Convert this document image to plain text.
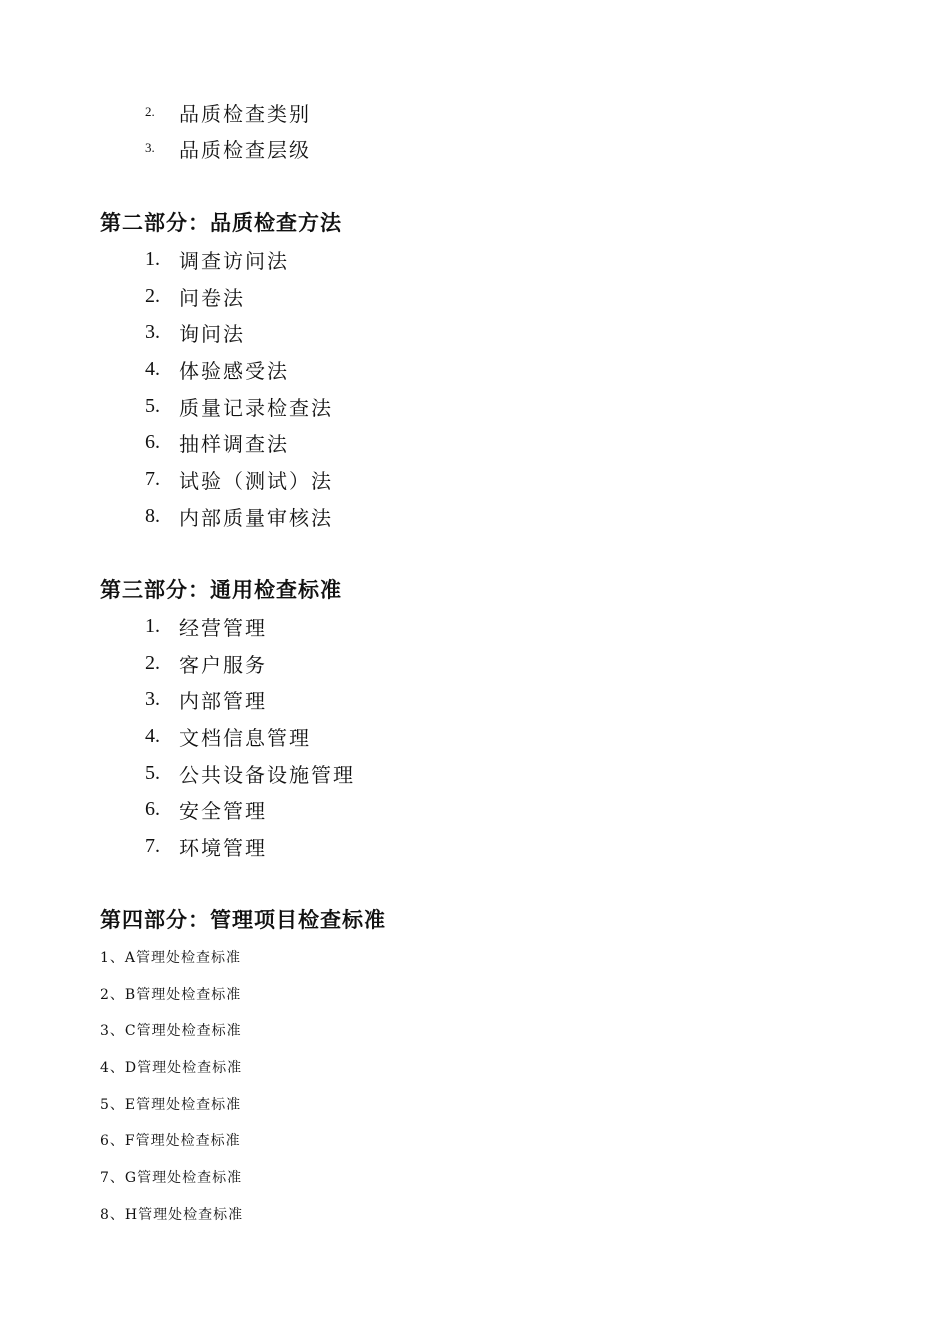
2.	品质检查类别
3.	品质检查层级
第二部分：品质检查方法
1. 调查访问法
2. 问卷法
3. 询问法
4. 体验感受法
5. 质量记录检查法
6. 抽样调查法
7. 试验（测试）法
8. 内部质量审核法
第三部分：通用检查标准
1. 经营管理
2. 客户服务
3. 内部管理
4. 文档信息管理
5. 公共设备设施管理
6. 安全管理
7. 环境管理
第四部分：管理项目检查标准
1、A管理处检查标准
2、B管理处检查标准
3、C管理处检查标准
4、D管理处检查标准
5、E管理处检查标准
6、F管理处检查标准
7、G管理处检查标准
8、H管理处检查标准
